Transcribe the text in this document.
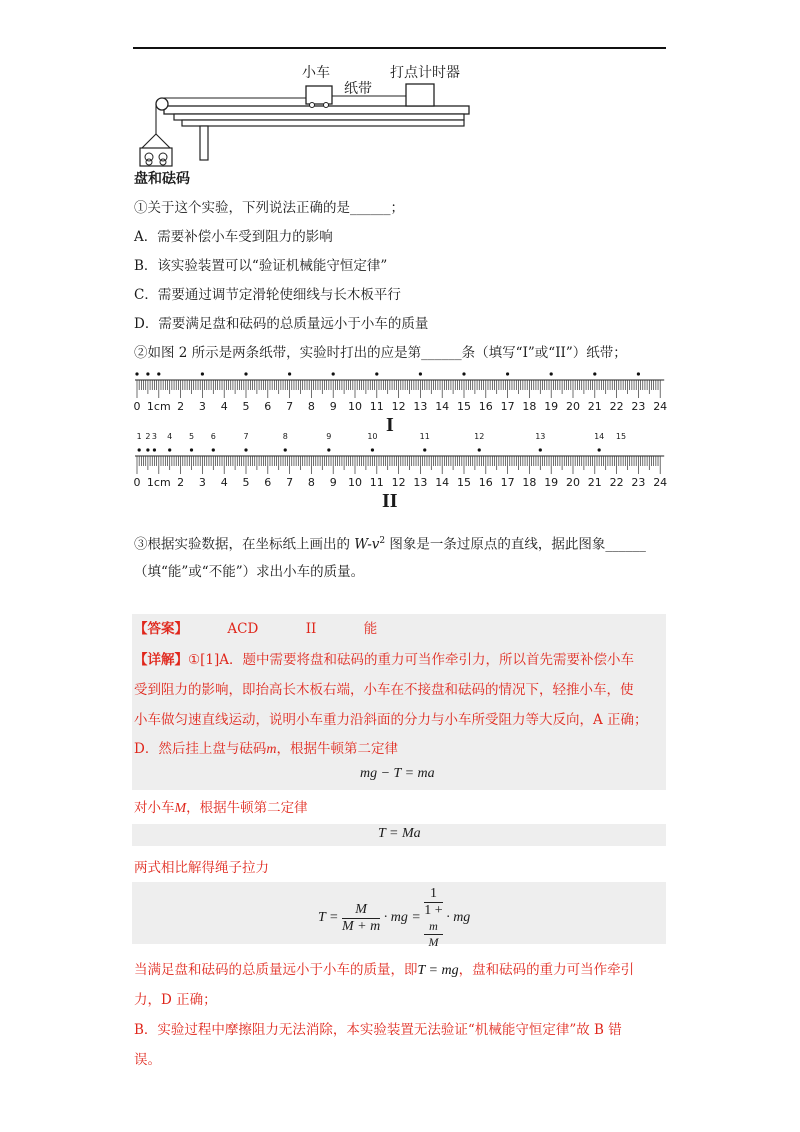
小车
纸带
打点计时器
盘和砝码
①关于这个实验，下列说法正确的是______；
A．需要补偿小车受到阻力的影响
B．该实验装置可以“验证机械能守恒定律”
C．需要通过调节定滑轮使细线与长木板平行
D．需要满足盘和砝码的总质量远小于小车的质量
②如图 2 所示是两条纸带，实验时打出的应是第______条（填写“I”或“II”）纸带；
0 1cm 2 3 4 5 6 7 8 9 10 11 12 13 14 15 16 17 18 19 20 21 22 23 24
I
1 2 3 4 5 6	7	8	9	10	11	12	13	14 15
0 1cm 2 3 4 5 6 7 8 9 10 11 12 13 14 15 16 17 18 19 20 21 22 23 24
II
③根据实验数据，在坐标纸上画出的 $W-v^2$ 图象是一条过原点的直线，据此图象______
（填“能”或“不能”）求出小车的质量。
【答案】	ACD	II	能
【详解】①[1]A．题中需要将盘和砝码的重力可当作牵引力，所以首先需要补偿小车
受到阻力的影响，即抬高长木板右端，小车在不接盘和砝码的情况下，轻推小车，使
小车做匀速直线运动，说明小车重力沿斜面的分力与小车所受阻力等大反向，A 正确；
D．然后挂上盘与砝码m，根据牛顿第二定律
mg − T = ma
对小车M，根据牛顿第二定律
T = Ma
两式相比解得绳子拉力
$T = \frac{M}{M + m}$ · mg = 1
1 +
m
M · mg
当满足盘和砝码的总质量远小于小车的质量，即T = mg，盘和砝码的重力可当作牵引
力，D 正确；
B．实验过程中摩擦阻力无法消除，本实验装置无法验证“机械能守恒定律”故 B 错
误。
